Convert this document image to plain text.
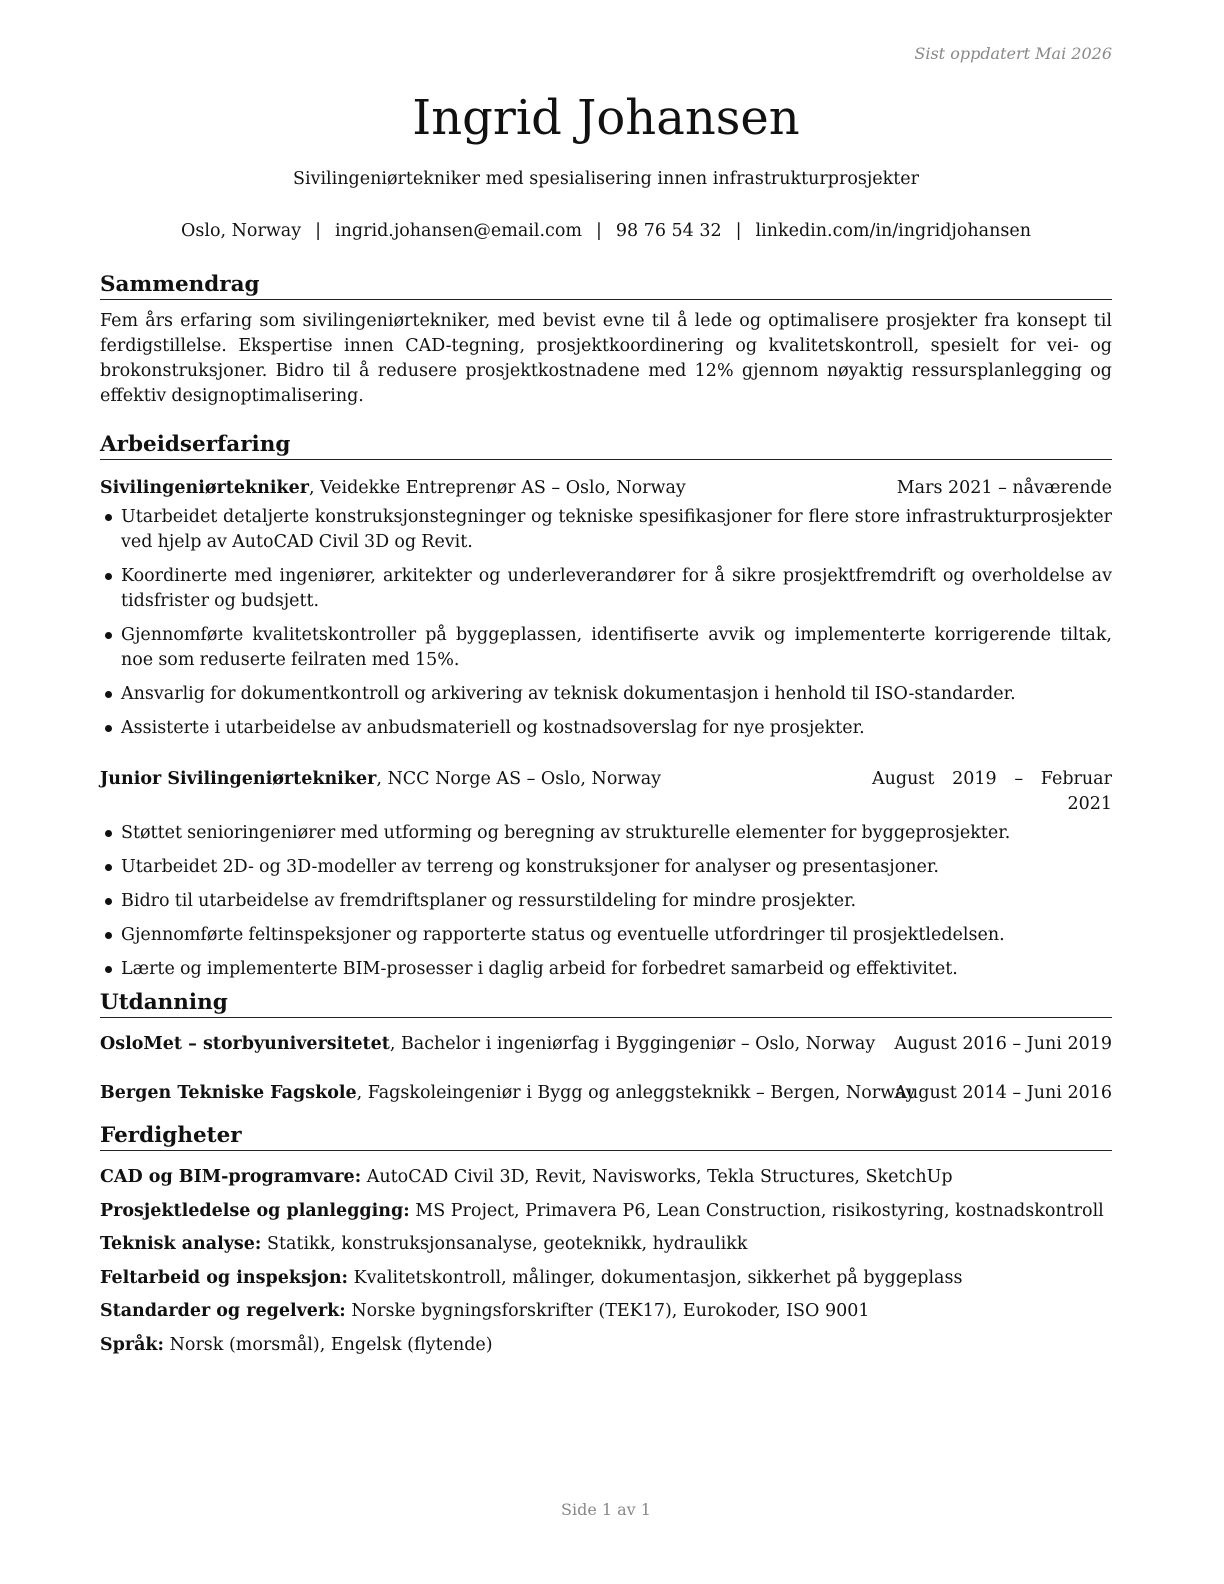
Sist oppdatert Mai 2026
Ingrid Johansen
Sivilingeniørtekniker med spesialisering innen infrastrukturprosjekter
Oslo, Norway | ingrid.johansen@email.com | 98 76 54 32 | linkedin.com/in/ingridjohansen
Sammendrag

Fem års erfaring som sivilingeniørtekniker, med bevist evne til å lede og optimalisere prosjekter fra konsept til ferdigstillelse. Ekspertise innen CAD-tegning, prosjektkoordinering og kvalitetskontroll, spesielt for vei- og brokonstruksjoner. Bidro til å redusere prosjektkostnadene med 12% gjennom nøyaktig ressursplanlegging og effektiv designoptimalisering.

Arbeidserfaring
Sivilingeniørtekniker, Veidekke Entreprenør AS – Oslo, Norway	Mars 2021 – nåværende
Utarbeidet detaljerte konstruksjonstegninger og tekniske spesifikasjoner for flere store infrastrukturprosjekter ved hjelp av AutoCAD Civil 3D og Revit.
Koordinerte med ingeniører, arkitekter og underleverandører for å sikre prosjektfremdrift og overholdelse av tidsfrister og budsjett.
Gjennomførte kvalitetskontroller på byggeplassen, identifiserte avvik og implementerte korrigerende tiltak, noe som reduserte feilraten med 15%.
Ansvarlig for dokumentkontroll og arkivering av teknisk dokumentasjon i henhold til ISO-standarder.
Assisterte i utarbeidelse av anbudsmateriell og kostnadsoverslag for nye prosjekter.
Junior Sivilingeniørtekniker, NCC Norge AS – Oslo, Norway	August 2019 – Februar 2021
Støttet senioringeniører med utforming og beregning av strukturelle elementer for byggeprosjekter.
Utarbeidet 2D- og 3D-modeller av terreng og konstruksjoner for analyser og presentasjoner.
Bidro til utarbeidelse av fremdriftsplaner og ressurstildeling for mindre prosjekter.
Gjennomførte feltinspeksjoner og rapporterte status og eventuelle utfordringer til prosjektledelsen.
Lærte og implementerte BIM-prosesser i daglig arbeid for forbedret samarbeid og effektivitet.
Utdanning
OsloMet – storbyuniversitetet, Bachelor i ingeniørfag i Byggingeniør – Oslo, Norway August 2016 – Juni 2019
Bergen Tekniske Fagskole, Fagskoleingeniør i Bygg og anleggsteknikk – Bergen, Norway
August 2014 – Juni 2016
Ferdigheter
CAD og BIM-programvare: AutoCAD Civil 3D, Revit, Navisworks, Tekla Structures, SketchUp
Prosjektledelse og planlegging: MS Project, Primavera P6, Lean Construction, risikostyring, kostnadskontroll
Teknisk analyse: Statikk, konstruksjonsanalyse, geoteknikk, hydraulikk
Feltarbeid og inspeksjon: Kvalitetskontroll, målinger, dokumentasjon, sikkerhet på byggeplass
Standarder og regelverk: Norske bygningsforskrifter (TEK17), Eurokoder, ISO 9001
Språk: Norsk (morsmål), Engelsk (flytende)
Side 1 av 1
